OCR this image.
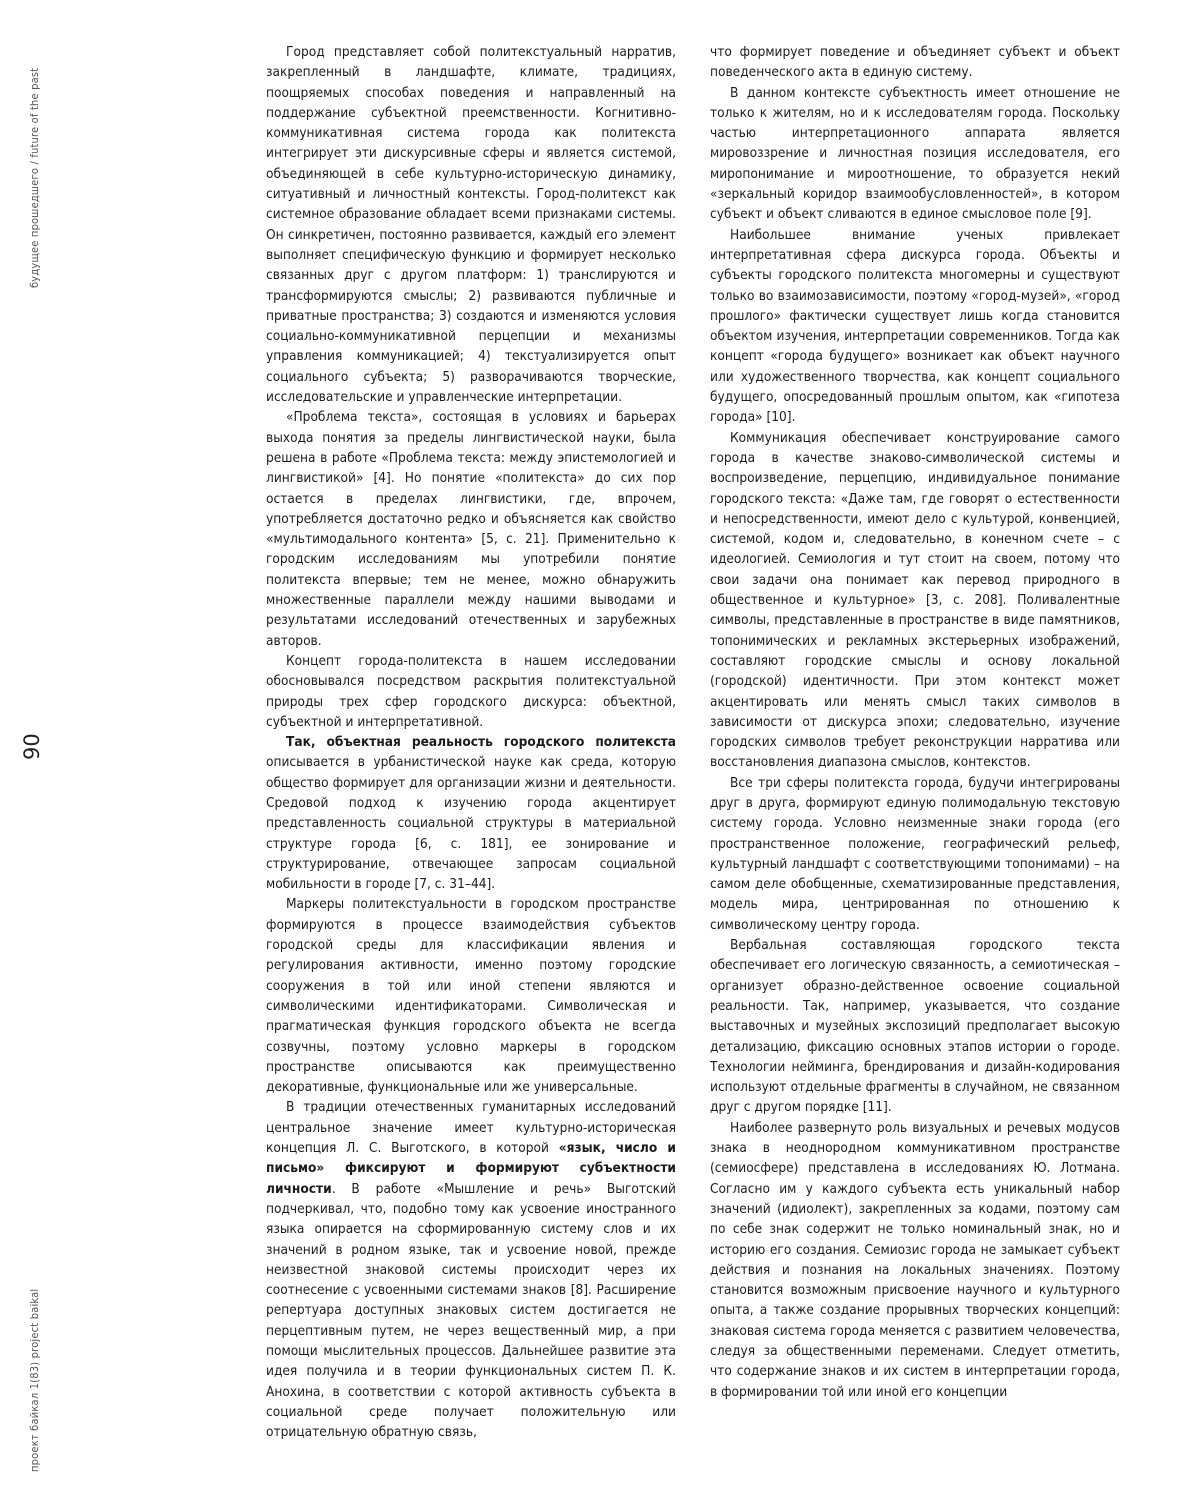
будущее прошедшего / future of the past
90
проект байкал 1(83) project baikal

Город представляет собой политекстуальный нарратив, закрепленный в ландшафте, климате, традициях, поощряемых способах поведения и направленный на поддержание субъектной преемственности. Когнитивно-коммуникативная система города как политекста интегрирует эти дискурсивные сферы и является системой, объединяющей в себе культурно-историческую динамику, ситуативный и личностный контексты. Город-политекст как системное образование обладает всеми признаками системы. Он синкретичен, постоянно развивается, каждый его элемент выполняет специфическую функцию и формирует несколько связанных друг с другом платформ: 1) транслируются и трансформируются смыслы; 2) развиваются публичные и приватные пространства; 3) создаются и изменяются условия социально-коммуникативной перцепции и механизмы управления коммуникацией; 4) текстуализируется опыт социального субъекта; 5) разворачиваются творческие, исследовательские и управленческие интерпретации.

«Проблема текста», состоящая в условиях и барьерах выхода понятия за пределы лингвистической науки, была решена в работе «Проблема текста: между эпистемологией и лингвистикой» [4]. Но понятие «политекста» до сих пор остается в пределах лингвистики, где, впрочем, употребляется достаточно редко и объясняется как свойство «мультимодального контента» [5, с. 21]. Применительно к городским исследованиям мы употребили понятие политекста впервые; тем не менее, можно обнаружить множественные параллели между нашими выводами и результатами исследований отечественных и зарубежных авторов.

Концепт города-политекста в нашем исследовании обосновывался посредством раскрытия политекстуальной природы трех сфер городского дискурса: объектной, субъектной и интерпретативной.

Так, объектная реальность городского политекста описывается в урбанистической науке как среда, которую общество формирует для организации жизни и деятельности. Средовой подход к изучению города акцентирует представленность социальной структуры в материальной структуре города [6, с. 181], ее зонирование и структурирование, отвечающее запросам социальной мобильности в городе [7, с. 31–44].

Маркеры политекстуальности в городском пространстве формируются в процессе взаимодействия субъектов городской среды для классификации явления и регулирования активности, именно поэтому городские сооружения в той или иной степени являются и символическими идентификаторами. Символическая и прагматическая функция городского объекта не всегда созвучны, поэтому условно маркеры в городском пространстве описываются как преимущественно декоративные, функциональные или же универсальные.

В традиции отечественных гуманитарных исследований центральное значение имеет культурно-историческая концепция Л. С. Выготского, в которой «язык, число и письмо» фиксируют и формируют субъектности личности. В работе «Мышление и речь» Выготский подчеркивал, что, подобно тому как усвоение иностранного языка опирается на сформированную систему слов и их значений в родном языке, так и усвоение новой, прежде неизвестной знаковой системы происходит через их соотнесение с усвоенными системами знаков [8]. Расширение репертуара доступных знаковых систем достигается не перцептивным путем, не через вещественный мир, а при помощи мыслительных процессов. Дальнейшее развитие эта идея получила и в теории функциональных систем П. К. Анохина, в соответствии с которой активность субъекта в социальной среде получает положительную или отрицательную обратную связь,

что формирует поведение и объединяет субъект и объект поведенческого акта в единую систему.

В данном контексте субъектность имеет отношение не только к жителям, но и к исследователям города. Поскольку частью интерпретационного аппарата является мировоззрение и личностная позиция исследователя, его миропонимание и мироотношение, то образуется некий «зеркальный коридор взаимообусловленностей», в котором субъект и объект сливаются в единое смысловое поле [9].

Наибольшее внимание ученых привлекает интерпретативная сфера дискурса города. Объекты и субъекты городского политекста многомерны и существуют только во взаимозависимости, поэтому «город-музей», «город прошлого» фактически существует лишь когда становится объектом изучения, интерпретации современников. Тогда как концепт «города будущего» возникает как объект научного или художественного творчества, как концепт социального будущего, опосредованный прошлым опытом, как «гипотеза города» [10].

Коммуникация обеспечивает конструирование самого города в качестве знаково-символической системы и воспроизведение, перцепцию, индивидуальное понимание городского текста: «Даже там, где говорят о естественности и непосредственности, имеют дело с культурой, конвенцией, системой, кодом и, следовательно, в конечном счете – с идеологией. Семиология и тут стоит на своем, потому что свои задачи она понимает как перевод природного в общественное и культурное» [3, с. 208]. Поливалентные символы, представленные в пространстве в виде памятников, топонимических и рекламных экстерьерных изображений, составляют городские смыслы и основу локальной (городской) идентичности. При этом контекст может акцентировать или менять смысл таких символов в зависимости от дискурса эпохи; следовательно, изучение городских символов требует реконструкции нарратива или восстановления диапазона смыслов, контекстов.

Все три сферы политекста города, будучи интегрированы друг в друга, формируют единую полимодальную текстовую систему города. Условно неизменные знаки города (его пространственное положение, географический рельеф, культурный ландшафт с соответствующими топонимами) – на самом деле обобщенные, схематизированные представления, модель мира, центрированная по отношению к символическому центру города.

Вербальная составляющая городского текста обеспечивает его логическую связанность, а семиотическая – организует образно-действенное освоение социальной реальности. Так, например, указывается, что создание выставочных и музейных экспозиций предполагает высокую детализацию, фиксацию основных этапов истории о городе. Технологии нейминга, брендирования и дизайн-кодирования используют отдельные фрагменты в случайном, не связанном друг с другом порядке [11].

Наиболее развернуто роль визуальных и речевых модусов знака в неоднородном коммуникативном пространстве (семиосфере) представлена в исследованиях Ю. Лотмана. Согласно им у каждого субъекта есть уникальный набор значений (идиолект), закрепленных за кодами, поэтому сам по себе знак содержит не только номинальный знак, но и историю его создания. Семиозис города не замыкает субъект действия и познания на локальных значениях. Поэтому становится возможным присвоение научного и культурного опыта, а также создание прорывных творческих концепций: знаковая система города меняется с развитием человечества, следуя за общественными переменами. Следует отметить, что содержание знаков и их систем в интерпретации города, в формировании той или иной его концепции
